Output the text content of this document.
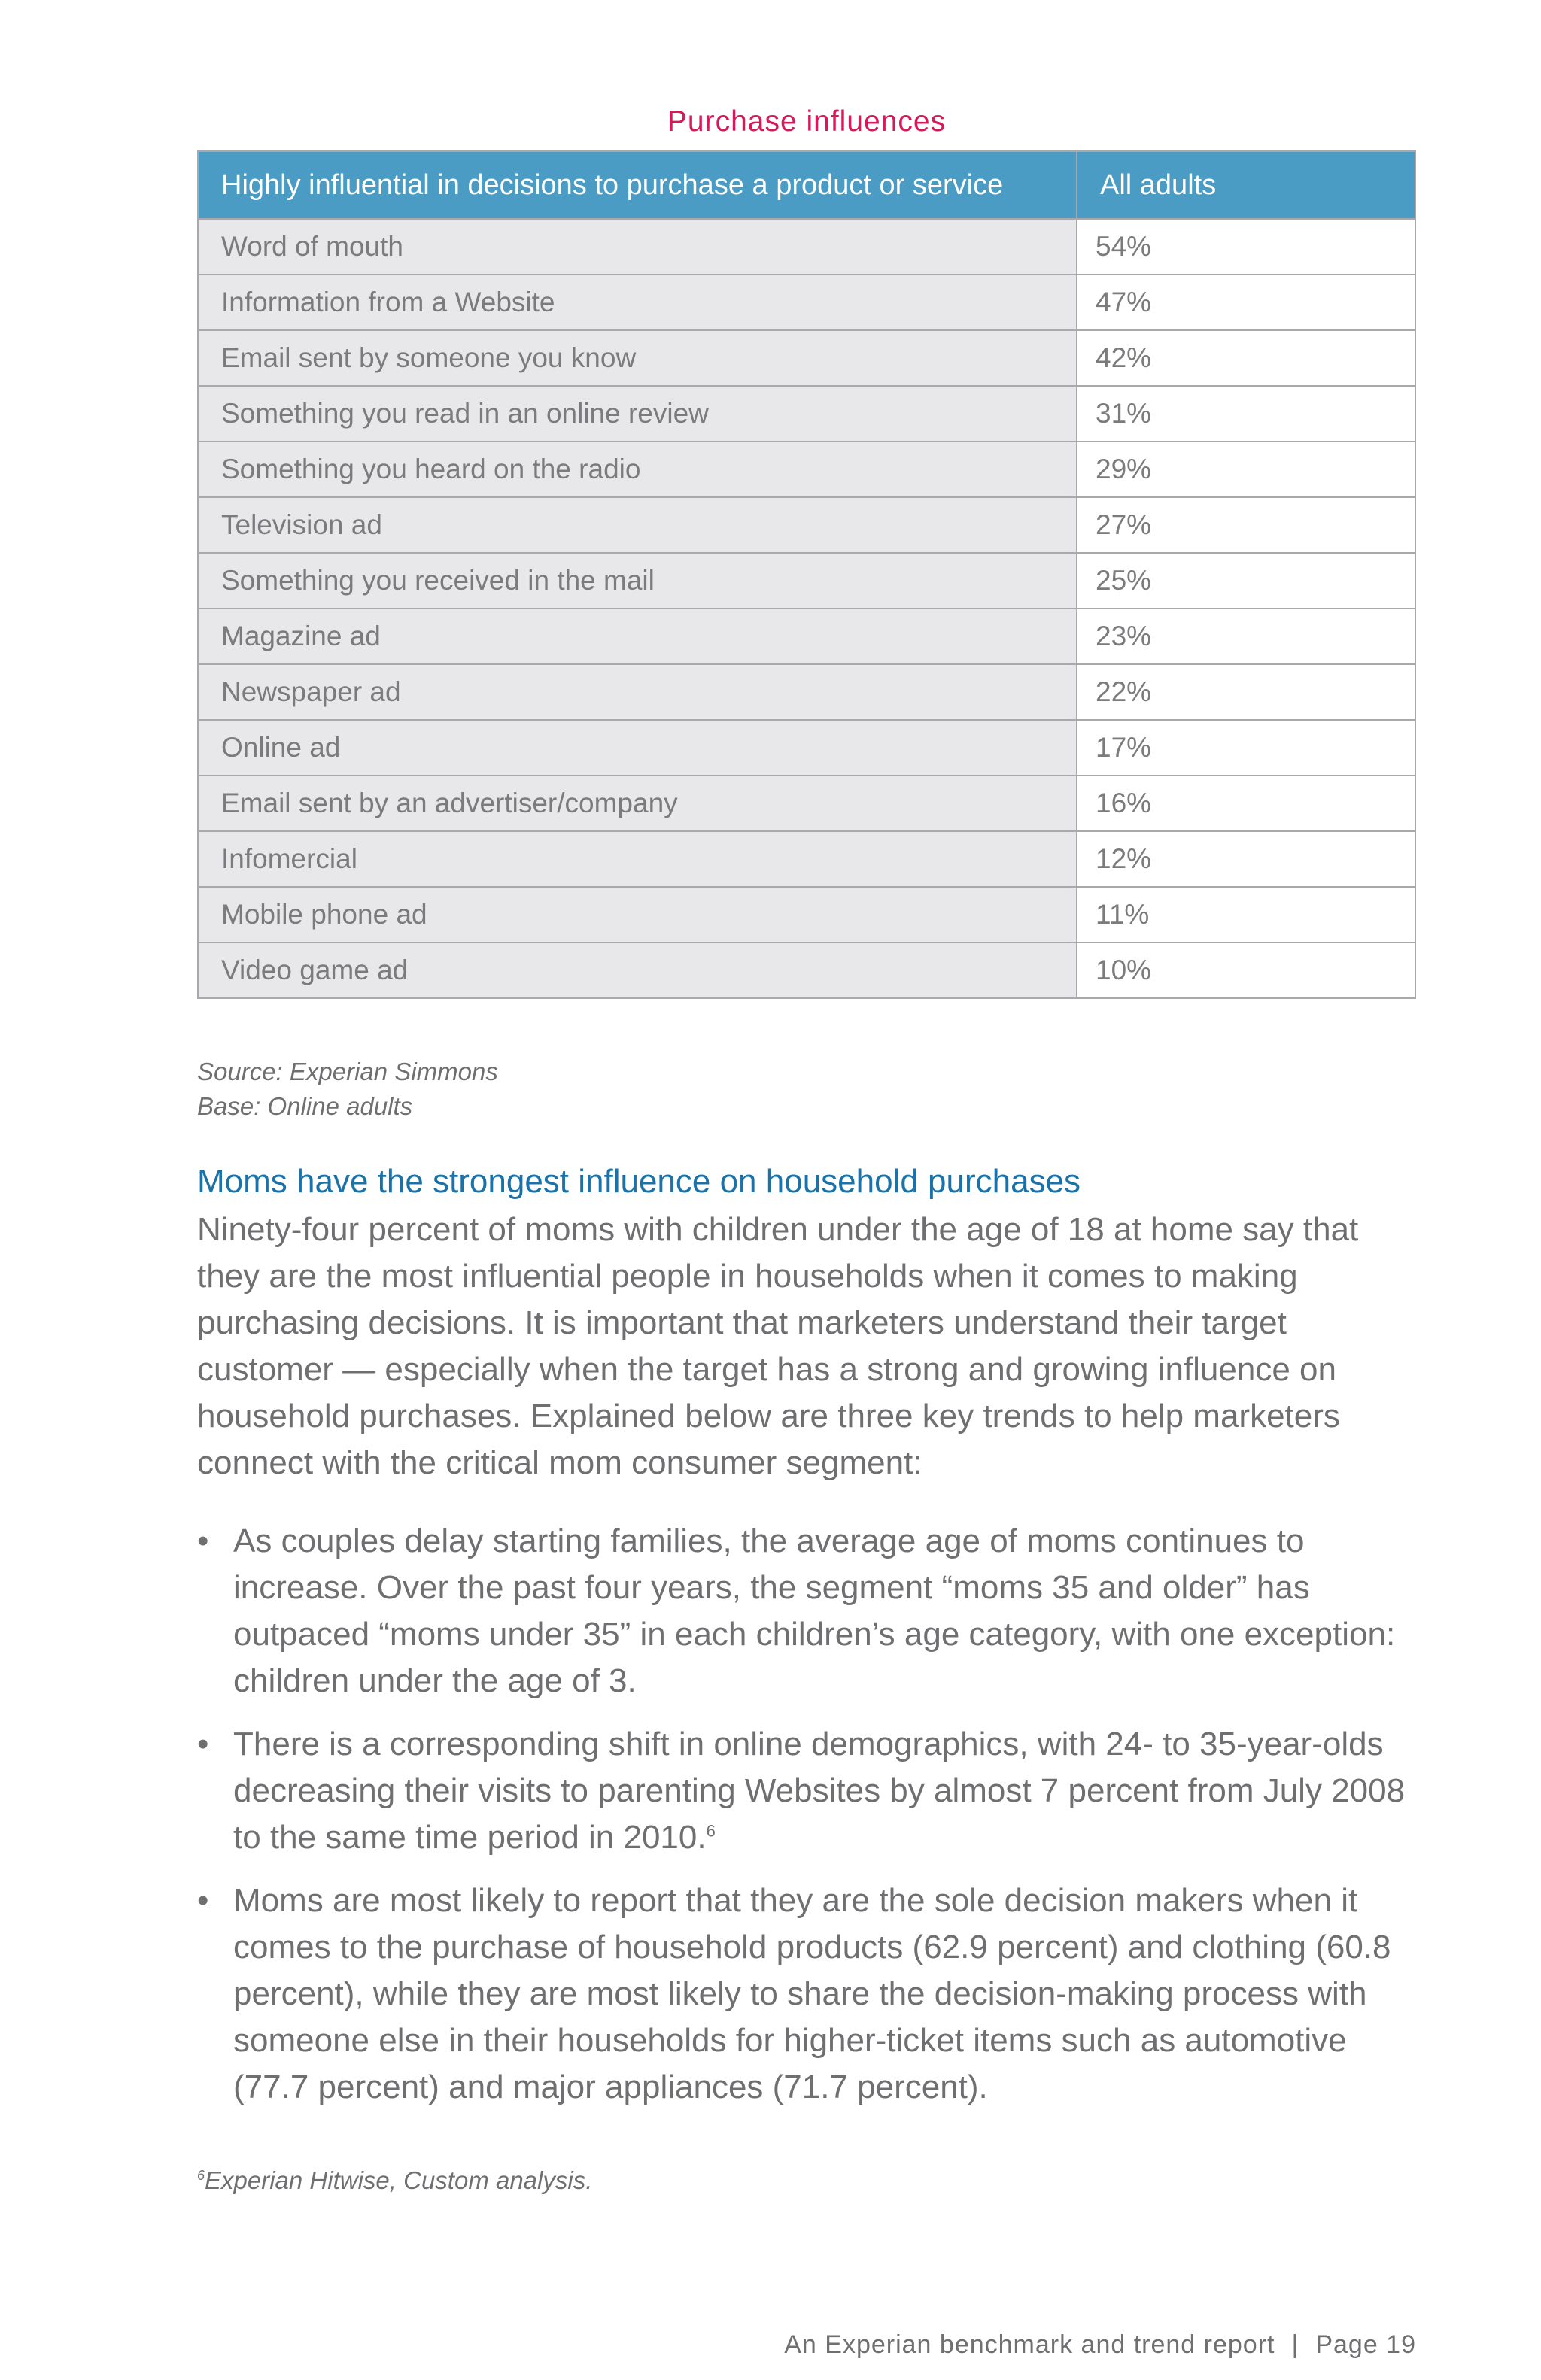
Purchase influences
Highly influential in decisions to purchase a product or service	All adults
Word of mouth	54%
Information from a Website	47%
Email sent by someone you know	42%
Something you read in an online review	31%
Something you heard on the radio	29%
Television ad	27%
Something you received in the mail	25%
Magazine ad	23%
Newspaper ad	22%
Online ad	17%
Email sent by an advertiser/company	16%
Infomercial	12%
Mobile phone ad	11%
Video game ad	10%
Source: Experian Simmons
Base: Online adults
Moms have the strongest influence on household purchases

Ninety-four percent of moms with children under the age of 18 at home say that they are the most influential people in households when it comes to making purchasing decisions. It is important that marketers understand their target customer — especially when the target has a strong and growing influence on household purchases. Explained below are three key trends to help marketers connect with the critical mom consumer segment:

• As couples delay starting families, the average age of moms continues to increase. Over the past four years, the segment “moms 35 and older” has outpaced “moms under 35” in each children’s age category, with one exception: children under the age of 3.
• There is a corresponding shift in online demographics, with 24- to 35-year-olds decreasing their visits to parenting Websites by almost 7 percent from July 2008 to the same time period in 2010.$^6$
• Moms are most likely to report that they are the sole decision makers when it comes to the purchase of household products (62.9 percent) and clothing (60.8 percent), while they are most likely to share the decision-making process with someone else in their households for higher-ticket items such as automotive (77.7 percent) and major appliances (71.7 percent).
$^6$Experian Hitwise, Custom analysis.
An Experian benchmark and trend report | Page 19
